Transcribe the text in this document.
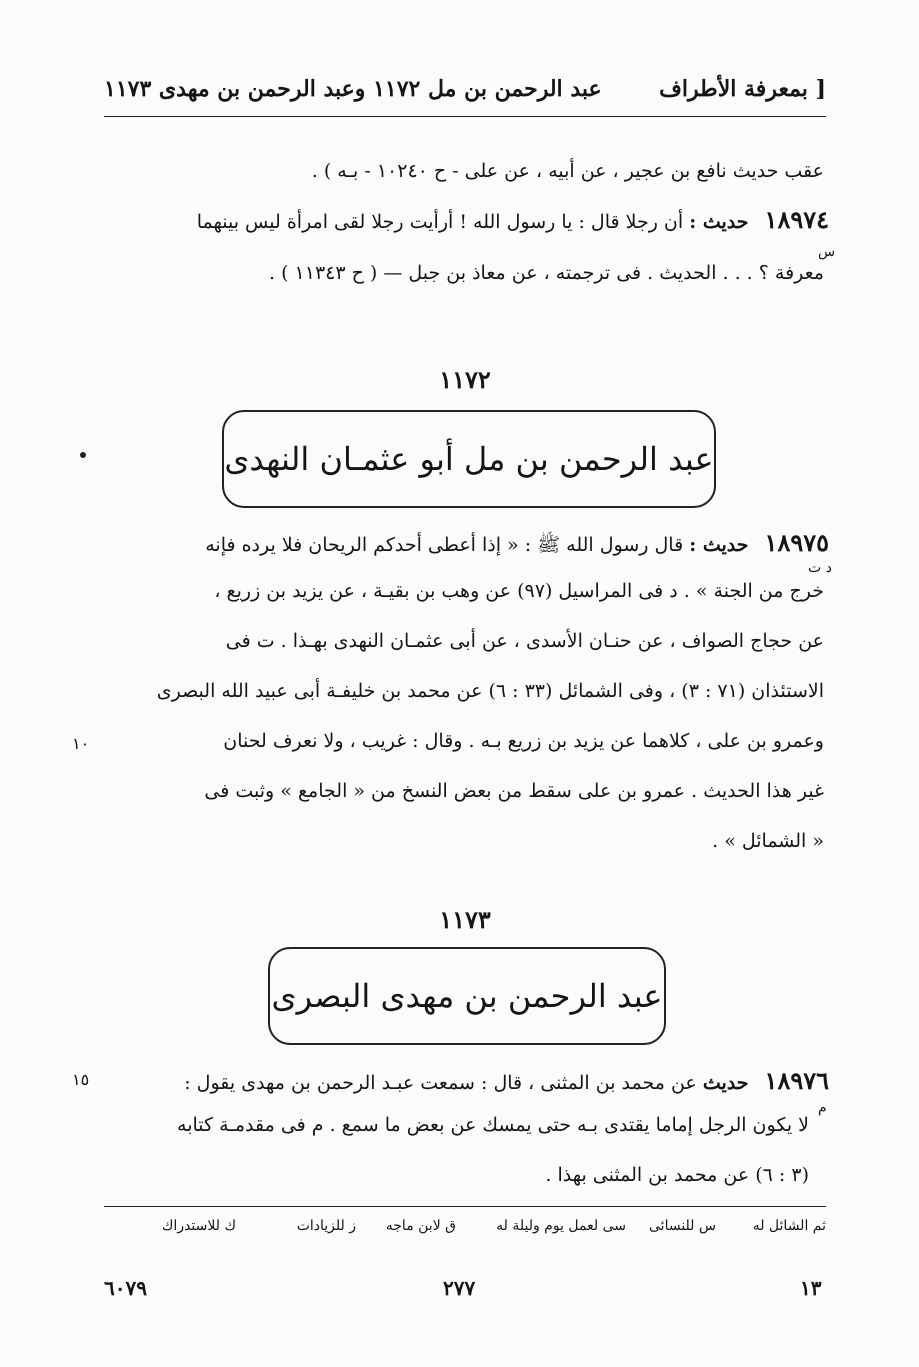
بمعرفة الأطراف ]
عبد الرحمن بن مل ١١٧٢ وعبد الرحمن بن مهدى ١١٧٣
عقب حديث نافع بن عجير ، عن أبيه ، عن على - ح ١٠٢٤٠ - بـه ) .
١٨٩٧٤ حديث : أن رجلا قال : يا رسول الله ! أرأيت رجلا لقى امرأة ليس بينهما
س
معرفة ؟ . . . الحديث . فى ترجمته ، عن معاذ بن جبل — ( ح ١١٣٤٣ ) .
١١٧٢
عبد الرحمن بن مل أبو عثمـان النهدى
١٨٩٧٥ حديث : قال رسول الله ﷺ : « إذا أعطى أحدكم الريحان فلا يرده فإنه
د ت
خرج من الجنة » . د فى المراسيل (٩٧) عن وهب بن بقيـة ، عن يزيد بن زريع ،
عن حجاج الصواف ، عن حنـان الأسدى ، عن أبى عثمـان النهدى بهـذا . ت فى
الاستئذان (٧١ : ٣) ، وفى الشمائل (٣٣ : ٦) عن محمد بن خليفـة أبى عبيد الله البصرى
وعمرو بن على ، كلاهما عن يزيد بن زريع بـه . وقال : غريب ، ولا نعرف لحنان
١٠
غير هذا الحديث . عمرو بن على سقط من بعض النسخ من « الجامع » وثبت فى
« الشمائل » .
١١٧٣
عبد الرحمن بن مهدى البصرى
١٨٩٧٦ حديث عن محمد بن المثنى ، قال : سمعت عبـد الرحمن بن مهدى يقول :
١٥
م
لا يكون الرجل إماما يقتدى بـه حتى يمسك عن بعض ما سمع . م فى مقدمـة كتابه
(٣ : ٦) عن محمد بن المثنى بهذا .
ثم الشائل له
س للنسائى
سى لعمل يوم وليلة له
ق لابن ماجه
ز للزيادات
ك للاستدراك
١٣
٢٧٧
٦٠٧٩
